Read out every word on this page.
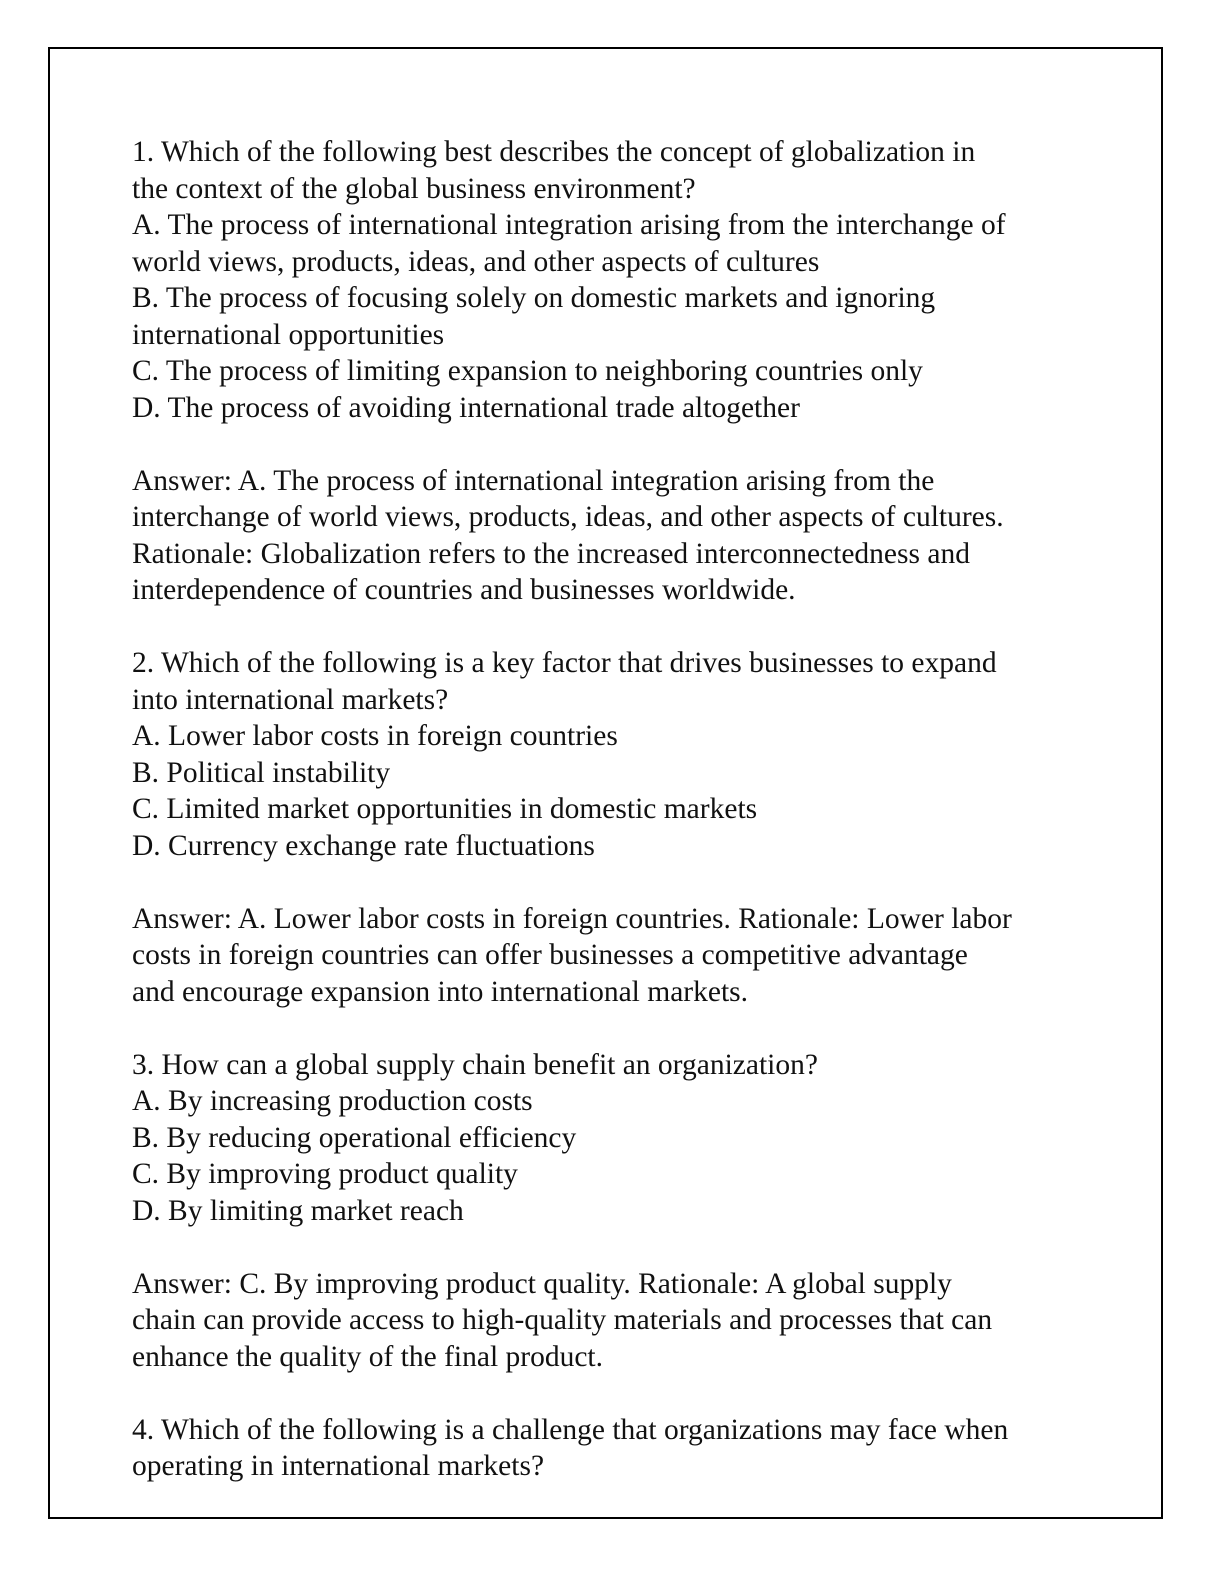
1. Which of the following best describes the concept of globalization in
the context of the global business environment?
A. The process of international integration arising from the interchange of
world views, products, ideas, and other aspects of cultures
B. The process of focusing solely on domestic markets and ignoring
international opportunities
C. The process of limiting expansion to neighboring countries only
D. The process of avoiding international trade altogether
Answer: A. The process of international integration arising from the
interchange of world views, products, ideas, and other aspects of cultures.
Rationale: Globalization refers to the increased interconnectedness and
interdependence of countries and businesses worldwide.
2. Which of the following is a key factor that drives businesses to expand
into international markets?
A. Lower labor costs in foreign countries
B. Political instability
C. Limited market opportunities in domestic markets
D. Currency exchange rate fluctuations
Answer: A. Lower labor costs in foreign countries. Rationale: Lower labor
costs in foreign countries can offer businesses a competitive advantage
and encourage expansion into international markets.
3. How can a global supply chain benefit an organization?
A. By increasing production costs
B. By reducing operational efficiency
C. By improving product quality
D. By limiting market reach
Answer: C. By improving product quality. Rationale: A global supply
chain can provide access to high-quality materials and processes that can
enhance the quality of the final product.
4. Which of the following is a challenge that organizations may face when
operating in international markets?
